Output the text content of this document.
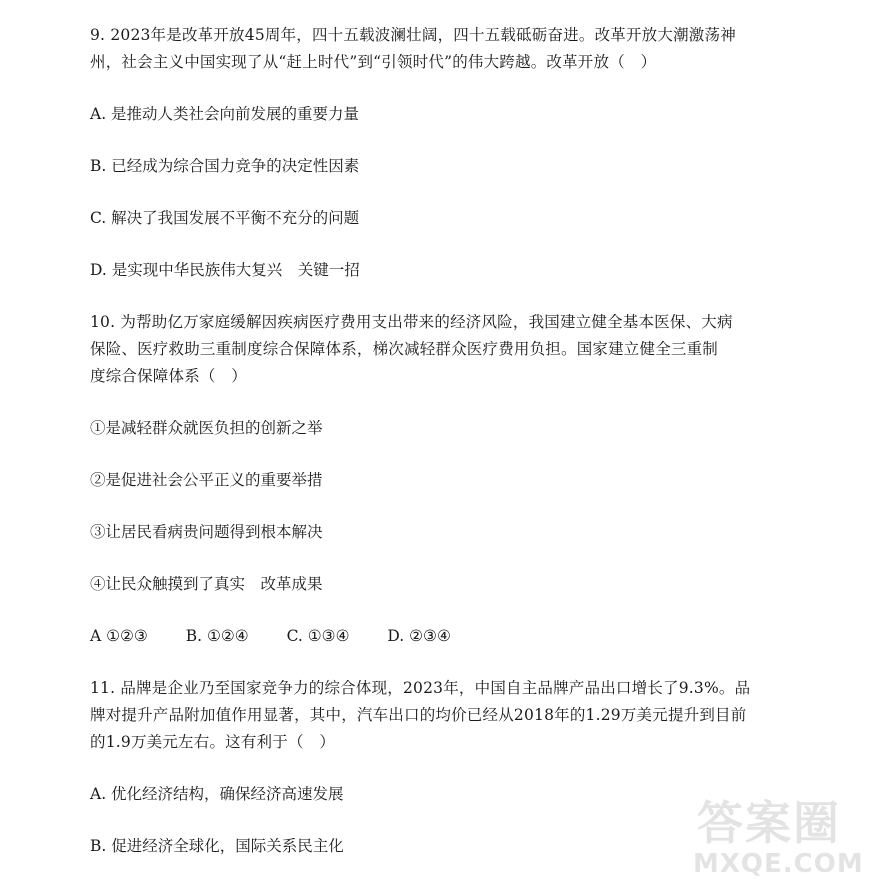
9. 2023年是改革开放45周年，四十五载波澜壮阔，四十五载砥砺奋进。改革开放大潮激荡神
州，社会主义中国实现了从“赶上时代”到“引领时代”的伟大跨越。改革开放（　）

A. 是推动人类社会向前发展的重要力量

B. 已经成为综合国力竞争的决定性因素

C. 解决了我国发展不平衡不充分的问题

D. 是实现中华民族伟大复兴　关键一招

10. 为帮助亿万家庭缓解因疾病医疗费用支出带来的经济风险，我国建立健全基本医保、大病
保险、医疗救助三重制度综合保障体系，梯次减轻群众医疗费用负担。国家建立健全三重制
度综合保障体系（　）

①是减轻群众就医负担的创新之举

②是促进社会公平正义的重要举措

③让居民看病贵问题得到根本解决

④让民众触摸到了真实　改革成果

A ①②③ B. ①②④ C. ①③④ D. ②③④
11. 品牌是企业乃至国家竞争力的综合体现，2023年，中国自主品牌产品出口增长了9.3%。品
牌对提升产品附加值作用显著，其中，汽车出口的均价已经从2018年的1.29万美元提升到目前
的1.9万美元左右。这有利于（　）

A. 优化经济结构，确保经济高速发展

B. 促进经济全球化，国际关系民主化	答案圈
MXQE.COM
